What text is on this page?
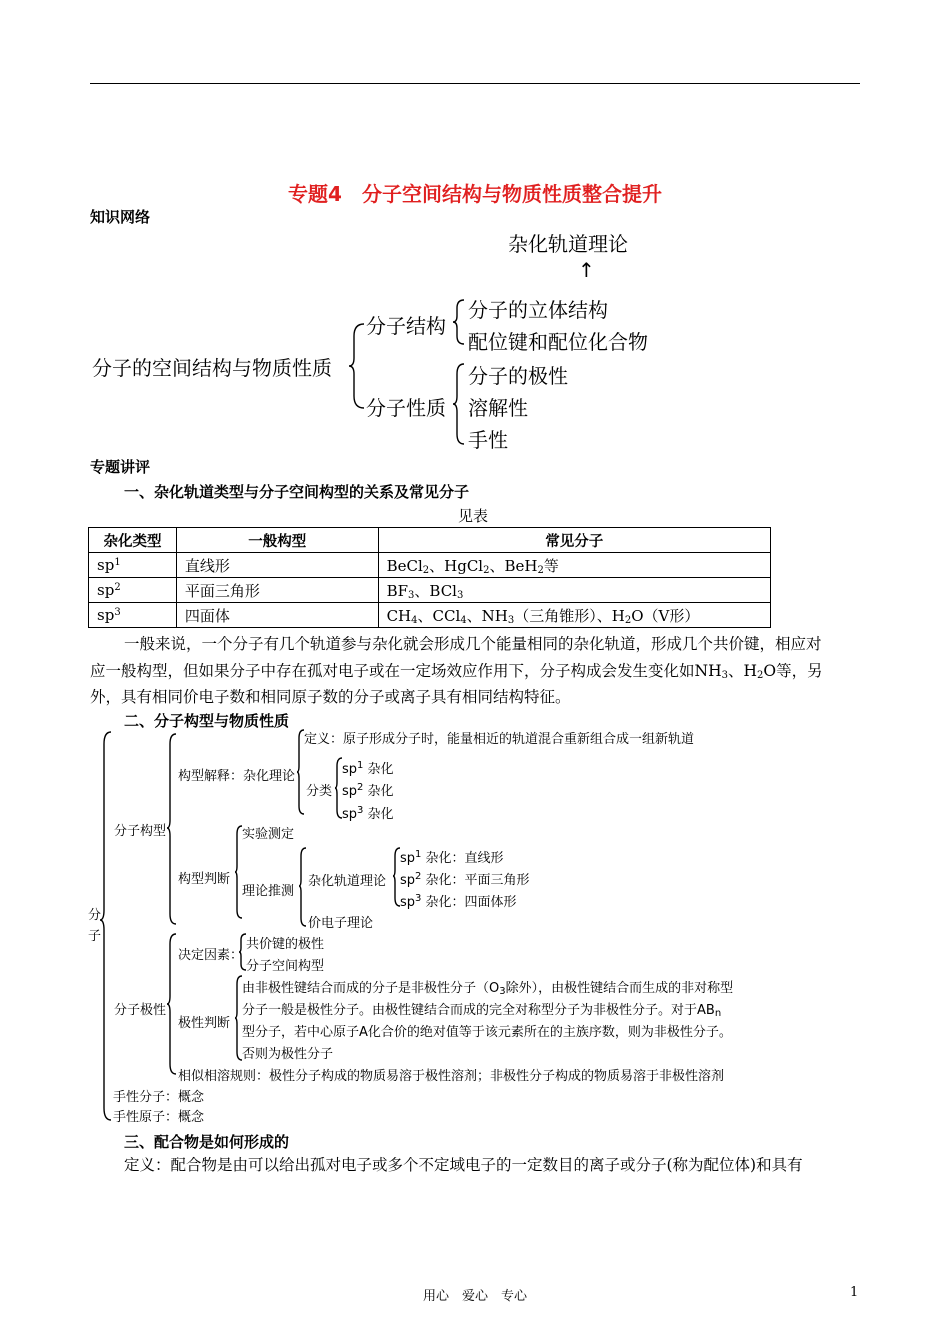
专题4　分子空间结构与物质性质整合提升
知识网络
杂化轨道理论
↑
分子的空间结构与物质性质
分子结构
分子的立体结构
配位键和配位化合物
分子性质
分子的极性
溶解性
手性
专题讲评
一、杂化轨道类型与分子空间构型的关系及常见分子
见表
杂化类型	一般构型	常见分子
$sp^1$	直线形	BeCl$_2$、HgCl$_2$、BeH$_2$等
$sp^2$	平面三角形	$BF_3$、BCl$_3$
$sp^3$	四面体	$CH_4$、CCl$_4$、$NH_3$（三角锥形）、$H_2O(V$形）
一般来说，一个分子有几个轨道参与杂化就会形成几个能量相同的杂化轨道，形成几个共价键，相应对
应一般构型，但如果分子中存在孤对电子或在一定场效应作用下，分子构成会发生变化如$NH_3$、$H_2O$等，另
外，具有相同价电子数和相同原子数的分子或离子具有相同结构特征。
二、分子构型与物质性质
分
子
分子构型
构型解释：杂化理论
定义：原子形成分子时，能量相近的轨道混合重新组合成一组新轨道
分类
$sp^1$ 杂化
$sp^2$ 杂化
$sp^3$ 杂化
构型判断
实验测定
理论推测
杂化轨道理论
价电子理论
$sp^1$ 杂化：直线形
$sp^2$ 杂化：平面三角形
$sp^3$ 杂化：四面体形
分子极性
决定因素：
共价键的极性
分子空间构型
极性判断
由非极性键结合而成的分子是非极性分子（$O_3$除外），由极性键结合而生成的非对称型
分子一般是极性分子。由极性键结合而成的完全对称型分子为非极性分子。对于$AB_n$
型分子，若中心原子A化合价的绝对值等于该元素所在的主族序数，则为非极性分子。
否则为极性分子
相似相溶规则：极性分子构成的物质易溶于极性溶剂；非极性分子构成的物质易溶于非极性溶剂
手性分子：概念
手性原子：概念
三、配合物是如何形成的
定义：配合物是由可以给出孤对电子或多个不定域电子的一定数目的离子或分子(称为配位体)和具有
用心　爱心　专心	1
